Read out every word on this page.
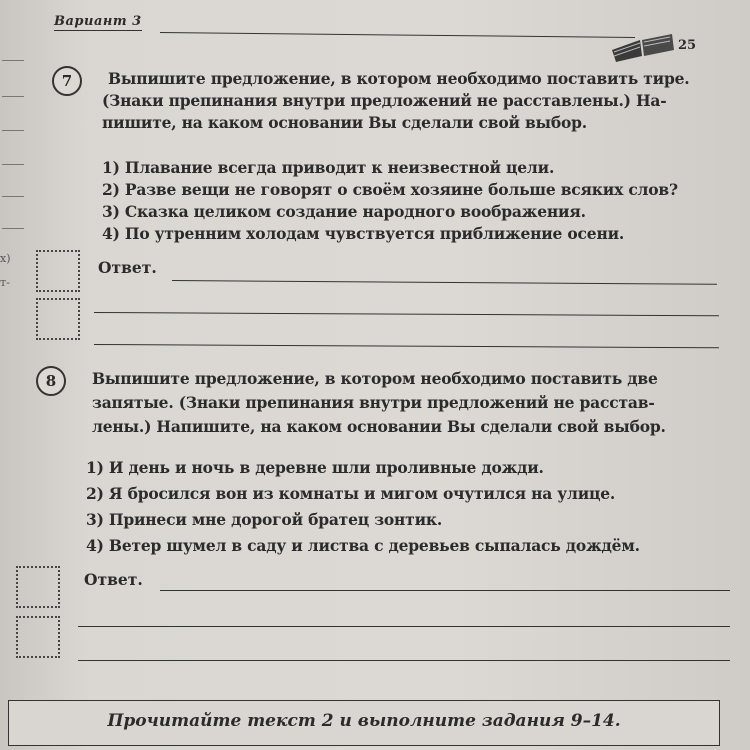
х)
т-
Вариант 3
25
7	Выпишите предложение, в котором необходимо поставить тире.
(Знаки препинания внутри предложений не расставлены.) На-
пишите, на каком основании Вы сделали свой выбор.
1) Плавание всегда приводит к неизвестной цели.
2) Разве вещи не говорят о своём хозяине больше всяких слов?
3) Сказка целиком создание народного воображения.
4) По утренним холодам чувствуется приближение осени.
Ответ.
8	Выпишите предложение, в котором необходимо поставить две
запятые. (Знаки препинания внутри предложений не расстав-
лены.) Напишите, на каком основании Вы сделали свой выбор.
1) И день и ночь в деревне шли проливные дожди.
2) Я бросился вон из комнаты и мигом очутился на улице.
3) Принеси мне дорогой братец зонтик.
4) Ветер шумел в саду и листва с деревьев сыпалась дождём.
Ответ.
Прочитайте текст 2 и выполните задания 9–14.
